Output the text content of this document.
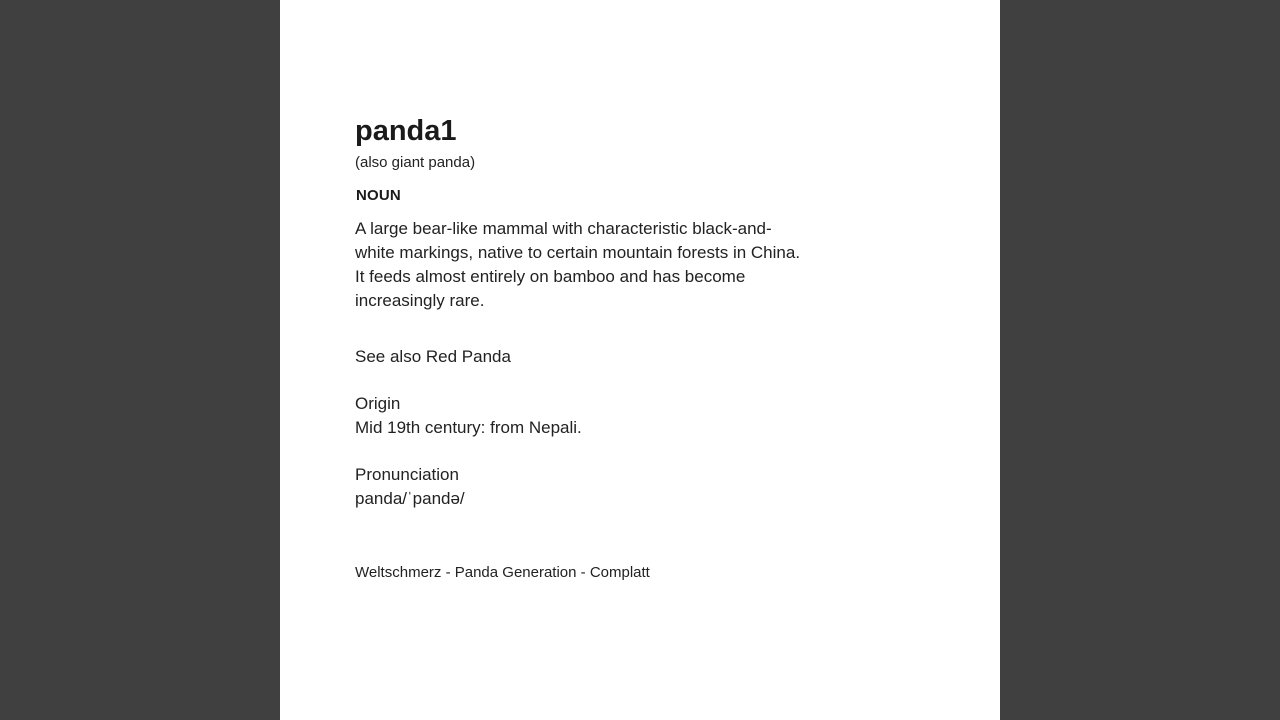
panda1
(also giant panda)
NOUN
A large bear-like mammal with characteristic black-and-
white markings, native to certain mountain forests in China.
It feeds almost entirely on bamboo and has become
increasingly rare.
See also Red Panda
Origin
Mid 19th century: from Nepali.
Pronunciation
panda/ˈpandə/
Weltschmerz - Panda Generation - Complatt
